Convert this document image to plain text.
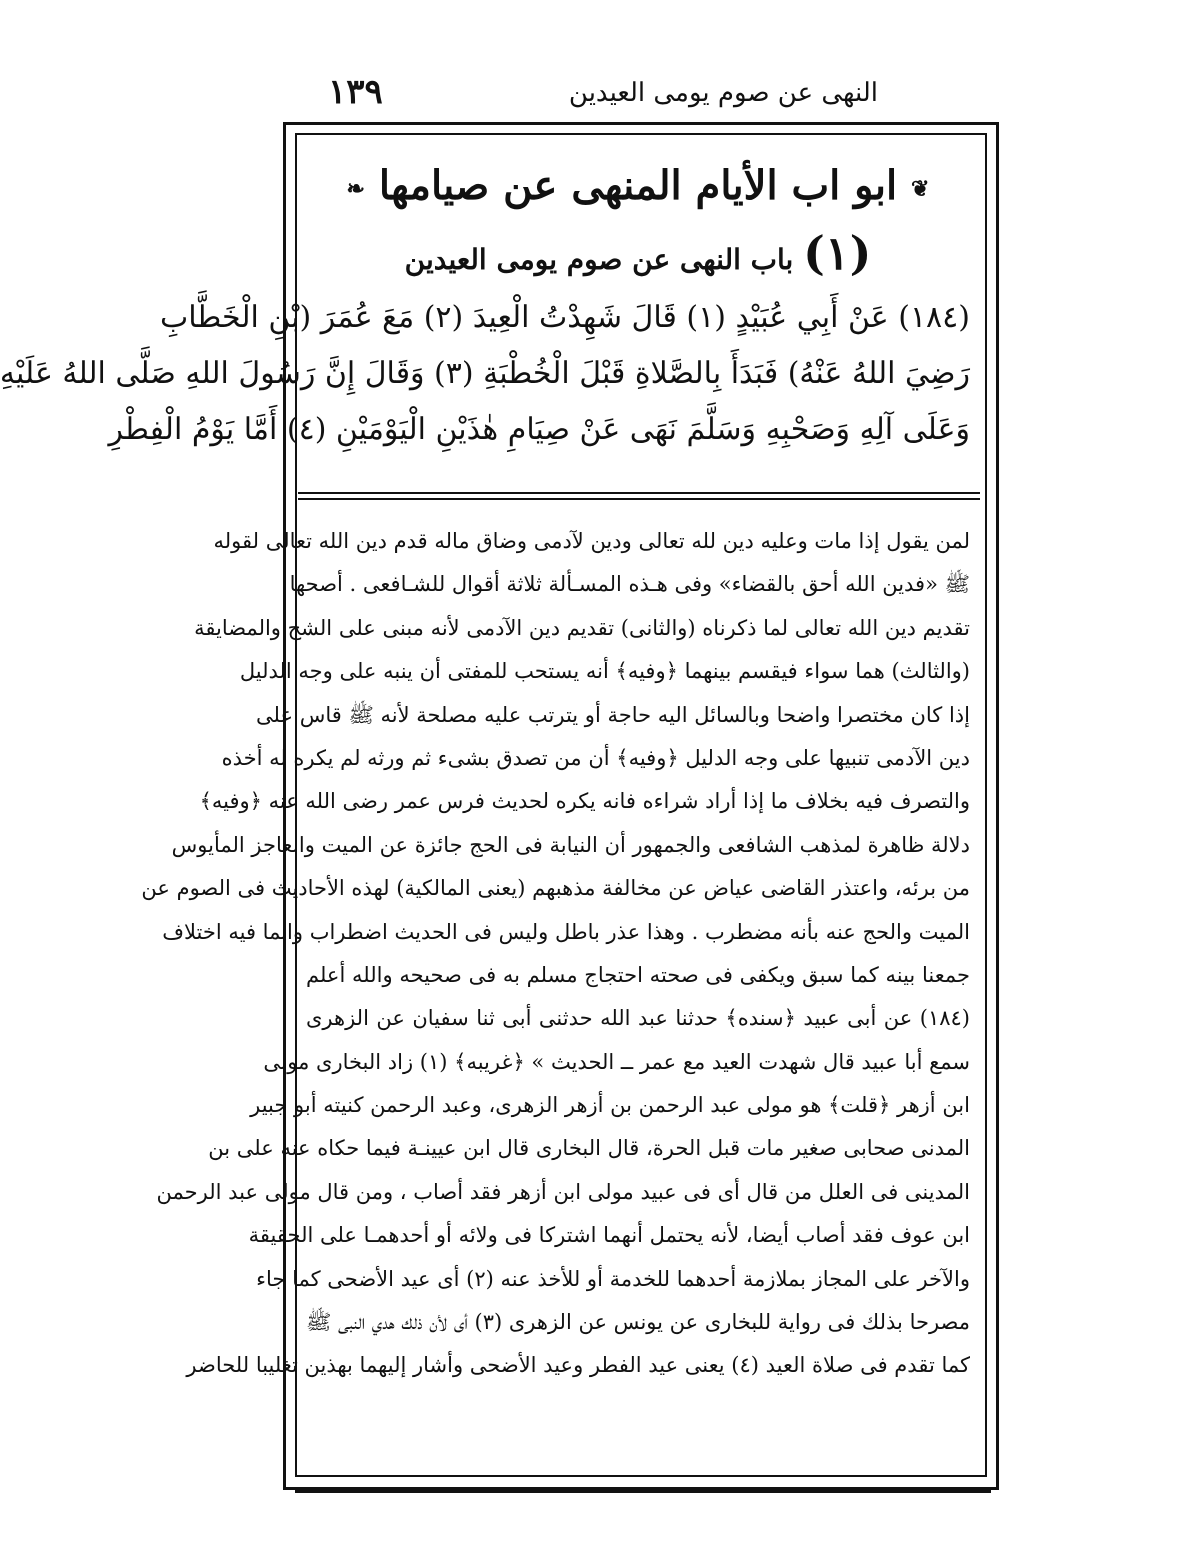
١٣٩	النهى عن صوم يومى العيدين
❦ ابو اب الأيام المنهى عن صيامها ❧
(١) باب النهى عن صوم يومى العيدين
(١٨٤) عَنْ أَبِي عُبَيْدٍ (١) قَالَ شَهِدْتُ الْعِيدَ (٢) مَعَ عُمَرَ (بْنِ الْخَطَّابِ
رَضِيَ اللهُ عَنْهُ) فَبَدَأَ بِالصَّلاةِ قَبْلَ الْخُطْبَةِ (٣) وَقَالَ إِنَّ رَسُولَ اللهِ صَلَّى اللهُ عَلَيْهِ
وَعَلَى آلِهِ وَصَحْبِهِ وَسَلَّمَ نَهَى عَنْ صِيَامِ هٰذَيْنِ الْيَوْمَيْنِ (٤) أَمَّا يَوْمُ الْفِطْرِ
لمن يقول إذا مات وعليه دين لله تعالى ودين لآدمى وضاق ماله قدم دين الله تعالى لقوله
ﷺ «فدين الله أحق بالقضاء» وفى هـذه المسـألة ثلاثة أقوال للشـافعى . أصحها
تقديم دين الله تعالى لما ذكرناه (والثانى) تقديم دين الآدمى لأنه مبنى على الشح والمضايقة
(والثالث) هما سواء فيقسم بينهما ﴿وفيه﴾ أنه يستحب للمفتى أن ينبه على وجه الدليل
إذا كان مختصرا واضحا وبالسائل اليه حاجة أو يترتب عليه مصلحة لأنه ﷺ قاس على
دين الآدمى تنبيها على وجه الدليل ﴿وفيه﴾ أن من تصدق بشىء ثم ورثه لم يكره له أخذه
والتصرف فيه بخلاف ما إذا أراد شراءه فانه يكره لحديث فرس عمر رضى الله عنه ﴿وفيه﴾
دلالة ظاهرة لمذهب الشافعى والجمهور أن النيابة فى الحج جائزة عن الميت والعاجز المأيوس
من برئه، واعتذر القاضى عياض عن مخالفة مذهبهم (يعنى المالكية) لهذه الأحاديث فى الصوم عن
الميت والحج عنه بأنه مضطرب . وهذا عذر باطل وليس فى الحديث اضطراب وانما فيه اختلاف
جمعنا بينه كما سبق ويكفى فى صحته احتجاج مسلم به فى صحيحه والله أعلم
(١٨٤) عن أبى عبيد ﴿سنده﴾ حدثنا عبد الله حدثنى أبى ثنا سفيان عن الزهرى
سمع أبا عبيد قال شهدت العيد مع عمر ــ الحديث » ﴿غريبه﴾ (١) زاد البخارى مولى
ابن أزهر ﴿قلت﴾ هو مولى عبد الرحمن بن أزهر الزهرى، وعبد الرحمن كنيته أبو جبير
المدنى صحابى صغير مات قبل الحرة، قال البخارى قال ابن عيينـة فيما حكاه عنه على بن
المدينى فى العلل من قال أى فى عبيد مولى ابن أزهر فقد أصاب ، ومن قال مولى عبد الرحمن
ابن عوف فقد أصاب أيضا، لأنه يحتمل أنهما اشتركا فى ولائه أو أحدهمـا على الحقيقة
والآخر على المجاز بملازمة أحدهما للخدمة أو للأخذ عنه (٢) أى عيد الأضحى كما جاء
مصرحا بذلك فى رواية للبخارى عن يونس عن الزهرى (٣) أى لأن ذلك هدي النبى ﷺ
كما تقدم فى صلاة العيد (٤) يعنى عيد الفطر وعيد الأضحى وأشار إليهما بهذين تغليبا للحاضر
